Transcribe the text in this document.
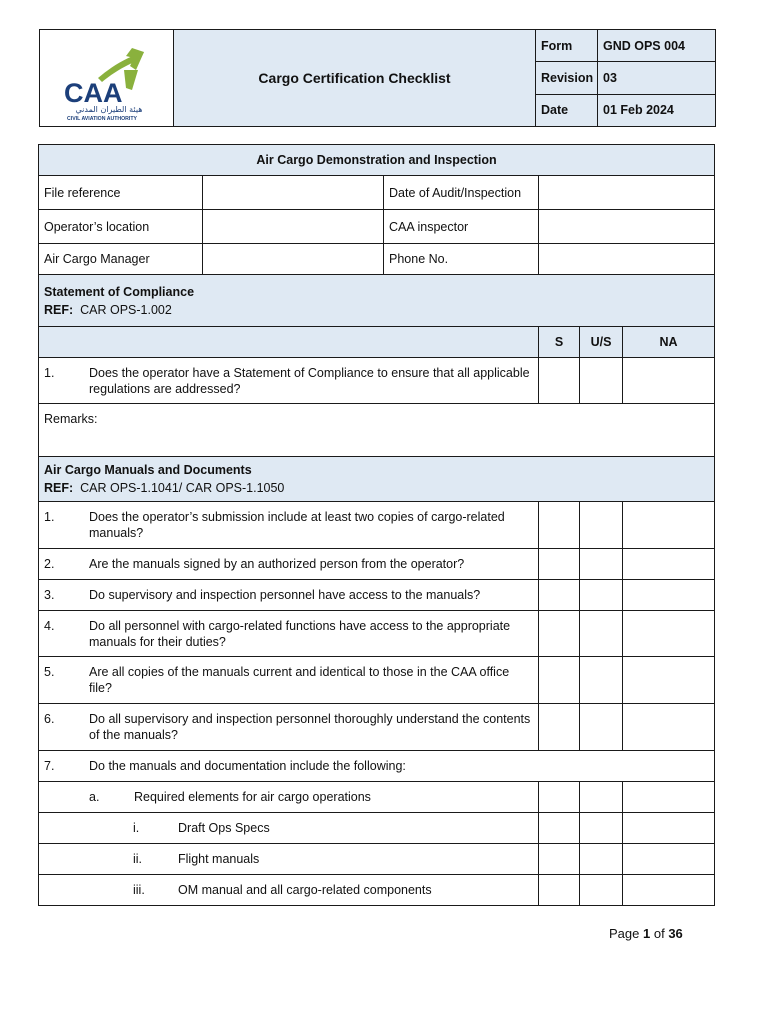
CAA
هيئة الطيران المدني
CIVIL AVIATION AUTHORITY	Cargo Certification Checklist	Form	GND OPS 004
		Revision	03
		Date	01 Feb 2024
Air Cargo Demonstration and Inspection					
File reference		Date of Audit/Inspection			
Operator’s location		CAA inspector			
Air Cargo Manager		Phone No.			

Statement of Compliance
REF: CAR OPS-1.002					

			S	U/S	NA

1. Does the operator have a Statement of Compliance to ensure that all applicable regulations are addressed?					

Remarks:					

Air Cargo Manuals and Documents
REF: CAR OPS-1.1041/ CAR OPS-1.1050					

1. Does the operator’s submission include at least two copies of cargo-related manuals?					

2. Are the manuals signed by an authorized person from the operator?					

3. Do supervisory and inspection personnel have access to the manuals?					

4. Do all personnel with cargo-related functions have access to the appropriate manuals for their duties?					

5. Are all copies of the manuals current and identical to those in the CAA office file?					

6. Do all supervisory and inspection personnel thoroughly understand the contents of the manuals?					

7. Do the manuals and documentation include the following:					

a. Required elements for air cargo operations					
i. Draft Ops Specs					
ii. Flight manuals					
iii. OM manual and all cargo-related components					
Page 1 of 36
